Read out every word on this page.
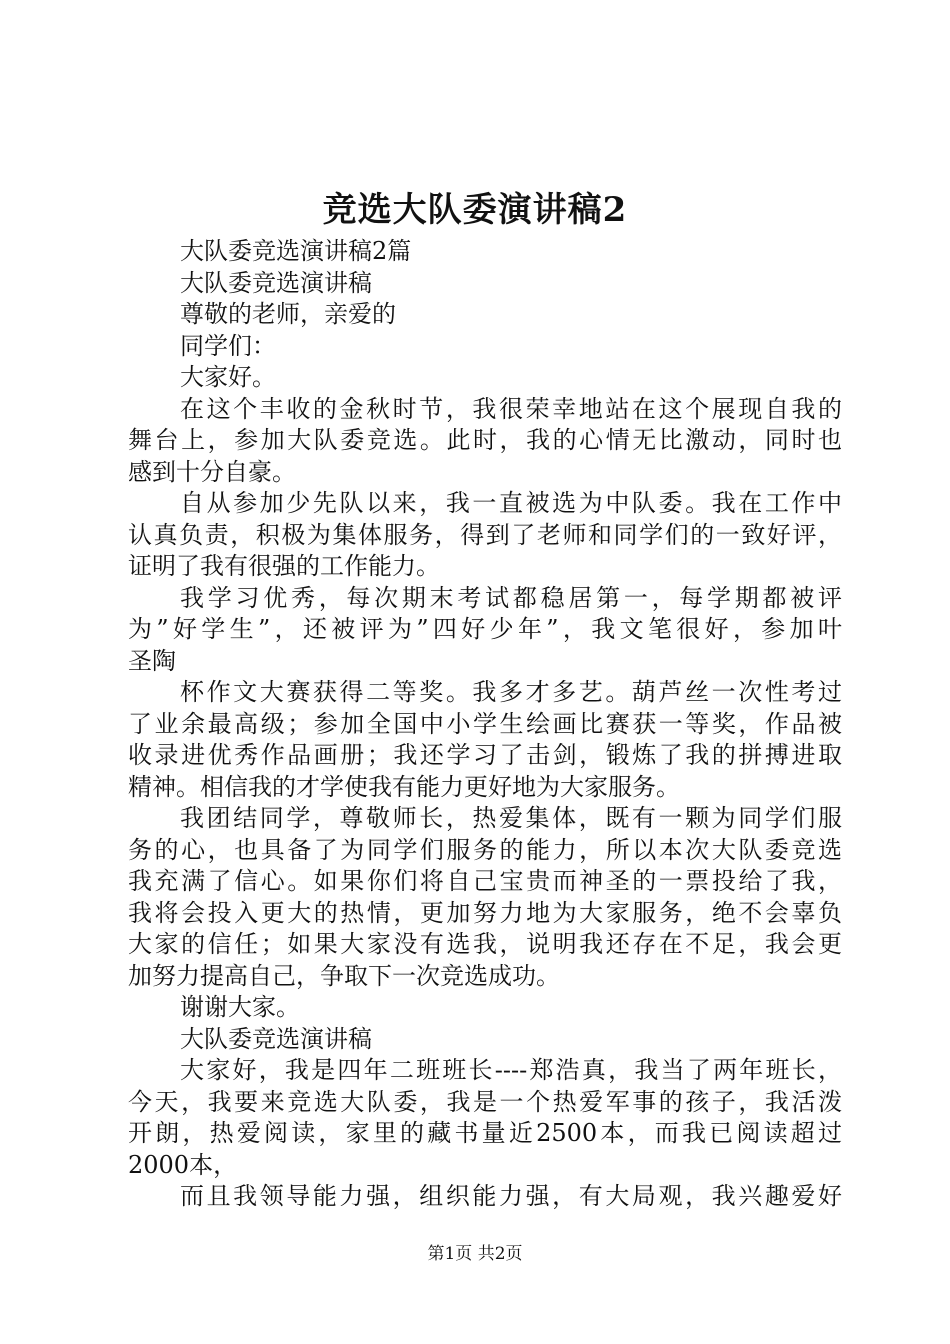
竞选大队委演讲稿2
大队委竞选演讲稿2篇
大队委竞选演讲稿
尊敬的老师，亲爱的
同学们：
大家好。
在这个丰收的金秋时节，我很荣幸地站在这个展现自我的
舞台上，参加大队委竞选。此时，我的心情无比激动，同时也
感到十分自豪。
自从参加少先队以来，我一直被选为中队委。我在工作中
认真负责，积极为集体服务，得到了老师和同学们的一致好评，
证明了我有很强的工作能力。
我学习优秀，每次期末考试都稳居第一，每学期都被评
为”好学生”，还被评为”四好少年”，我文笔很好，参加叶
圣陶
杯作文大赛获得二等奖。我多才多艺。葫芦丝一次性考过
了业余最高级；参加全国中小学生绘画比赛获一等奖，作品被
收录进优秀作品画册；我还学习了击剑，锻炼了我的拼搏进取
精神。相信我的才学使我有能力更好地为大家服务。
我团结同学，尊敬师长，热爱集体，既有一颗为同学们服
务的心，也具备了为同学们服务的能力，所以本次大队委竞选
我充满了信心。如果你们将自己宝贵而神圣的一票投给了我，
我将会投入更大的热情，更加努力地为大家服务，绝不会辜负
大家的信任；如果大家没有选我，说明我还存在不足，我会更
加努力提高自己，争取下一次竞选成功。
谢谢大家。
大队委竞选演讲稿
大家好，我是四年二班班长----郑浩真，我当了两年班长，
今天，我要来竞选大队委，我是一个热爱军事的孩子，我活泼
开朗，热爱阅读，家里的藏书量近2500本，而我已阅读超过
2000本，
而且我领导能力强，组织能力强，有大局观，我兴趣爱好
第1页 共2页
